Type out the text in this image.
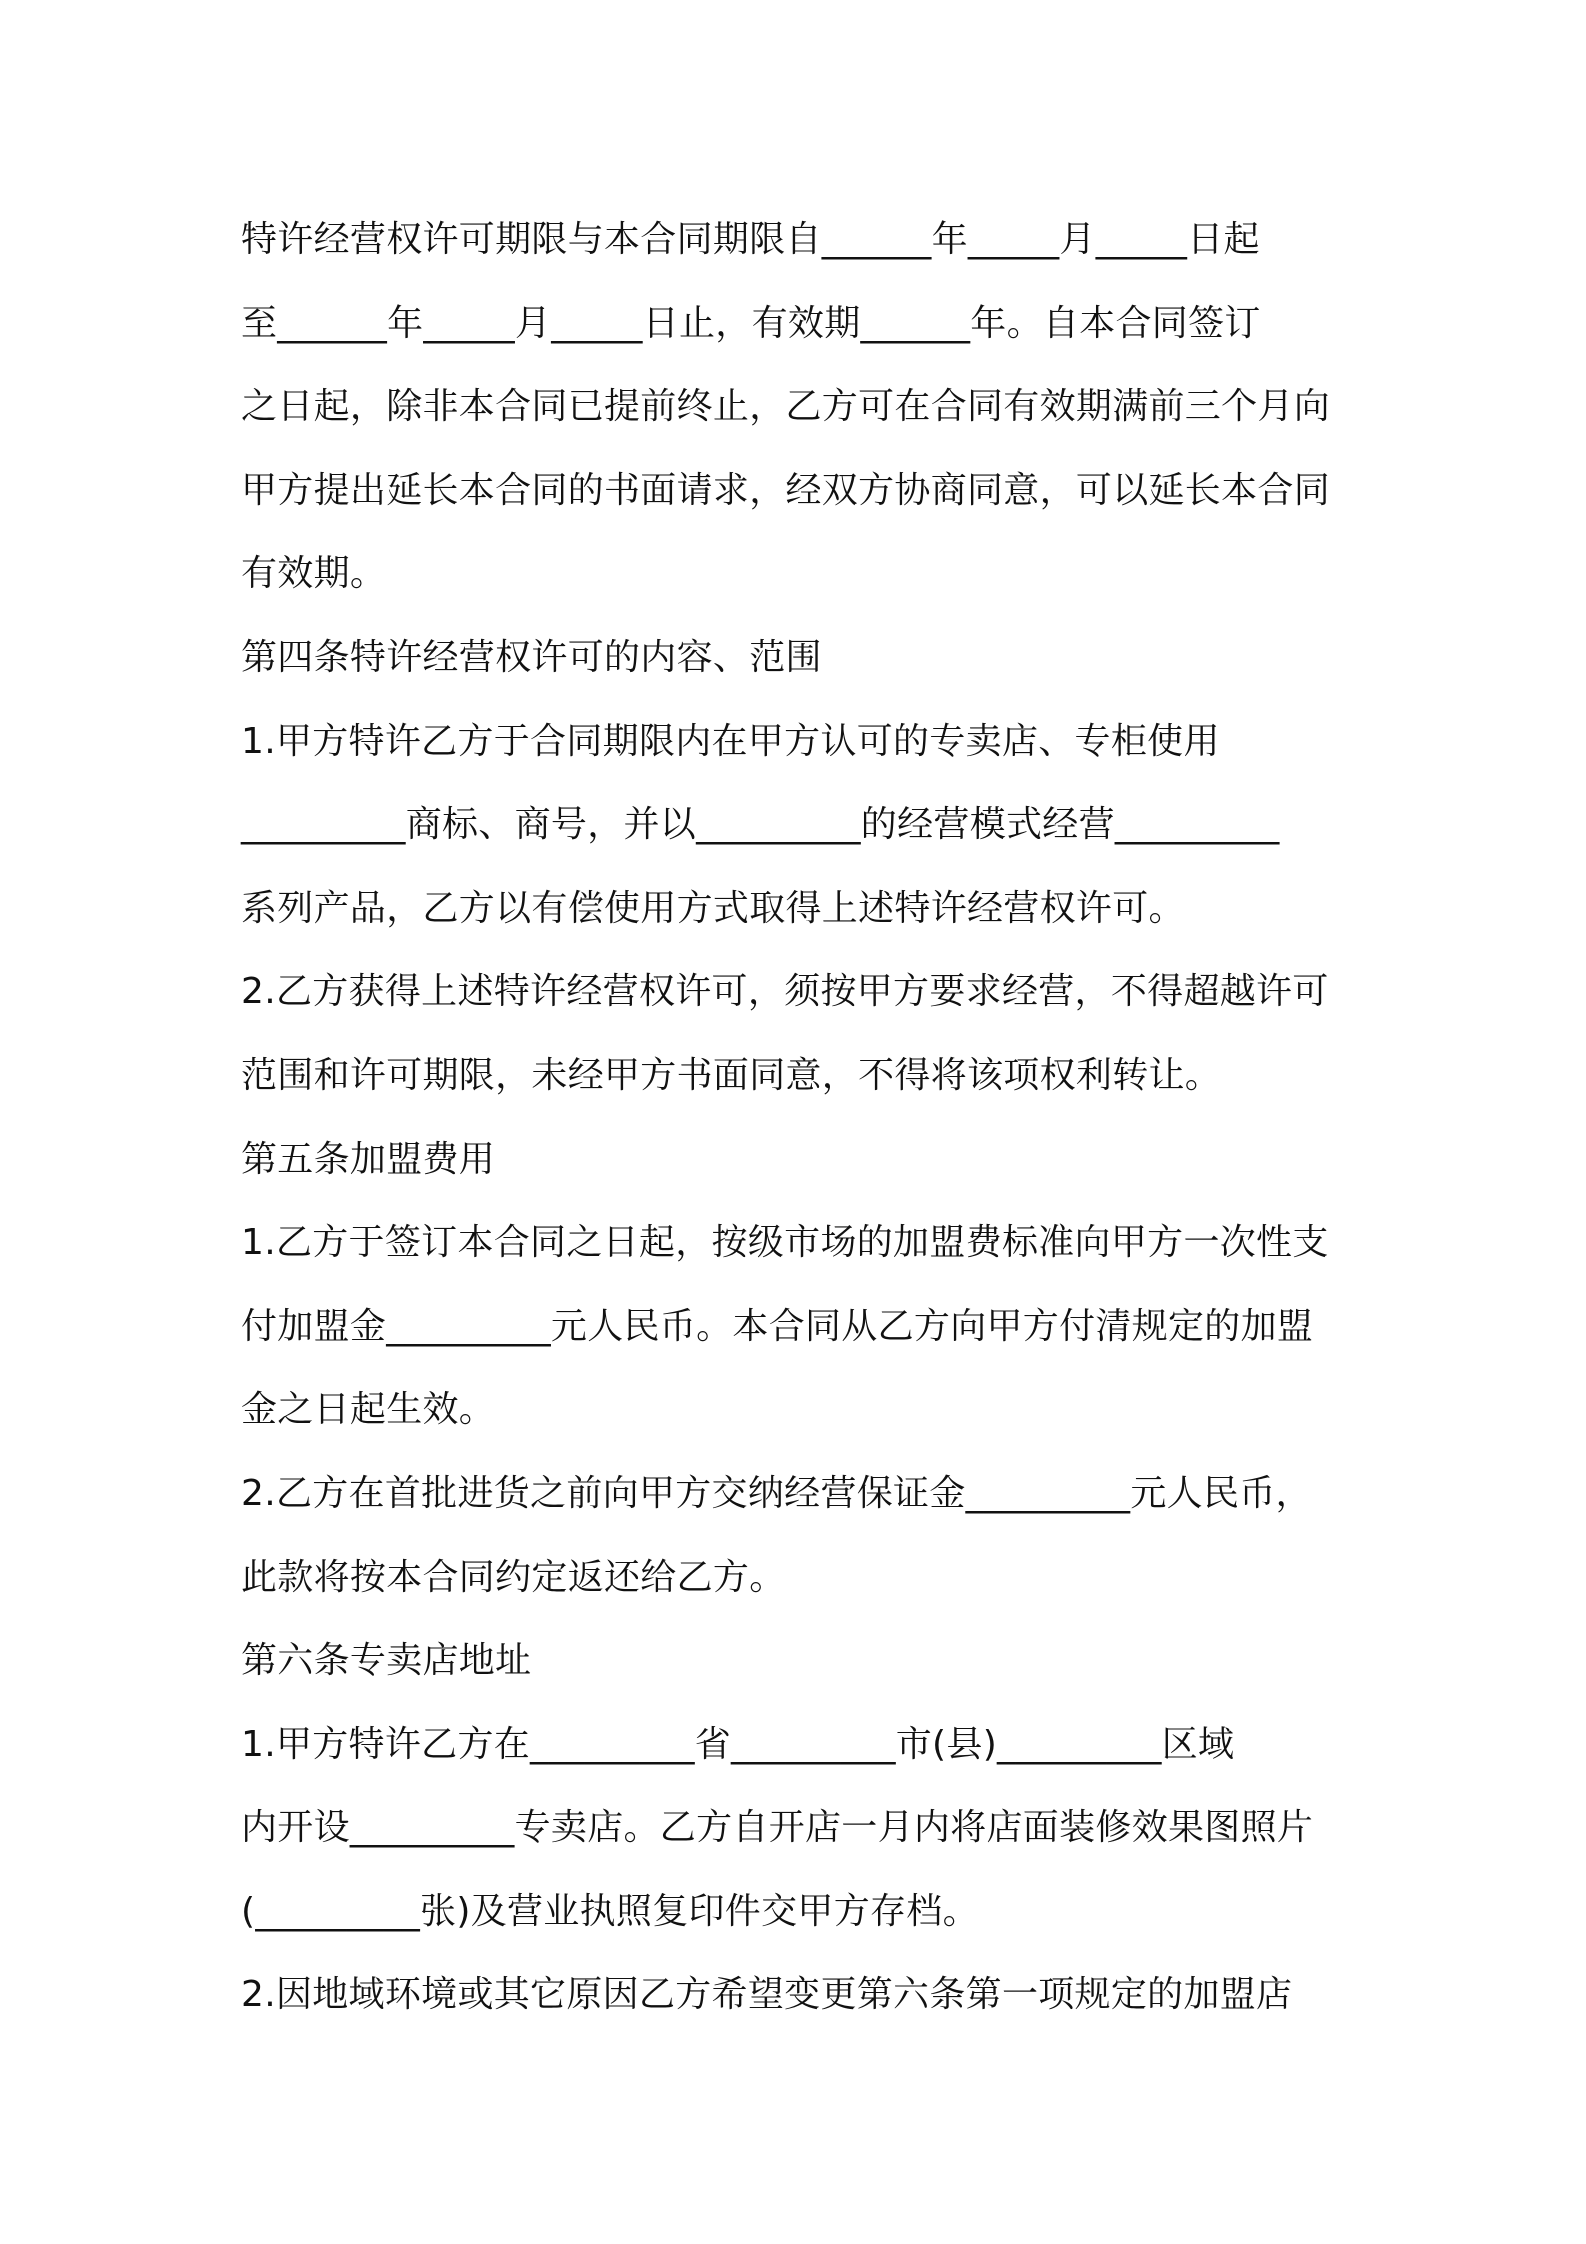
特许经营权许可期限与本合同期限自______年_____月_____日起
至______年_____月_____日止，有效期______年。自本合同签订
之日起，除非本合同已提前终止，乙方可在合同有效期满前三个月向
甲方提出延长本合同的书面请求，经双方协商同意，可以延长本合同
有效期。
第四条特许经营权许可的内容、范围
1.甲方特许乙方于合同期限内在甲方认可的专卖店、专柜使用
_________商标、商号，并以_________的经营模式经营_________
系列产品，乙方以有偿使用方式取得上述特许经营权许可。
2.乙方获得上述特许经营权许可，须按甲方要求经营，不得超越许可
范围和许可期限，未经甲方书面同意，不得将该项权利转让。
第五条加盟费用
1.乙方于签订本合同之日起，按级市场的加盟费标准向甲方一次性支
付加盟金_________元人民币。本合同从乙方向甲方付清规定的加盟
金之日起生效。
2.乙方在首批进货之前向甲方交纳经营保证金_________元人民币，
此款将按本合同约定返还给乙方。
第六条专卖店地址
1.甲方特许乙方在_________省_________市(县)_________区域
内开设_________专卖店。乙方自开店一月内将店面装修效果图照片
(_________张)及营业执照复印件交甲方存档。
2.因地域环境或其它原因乙方希望变更第六条第一项规定的加盟店
